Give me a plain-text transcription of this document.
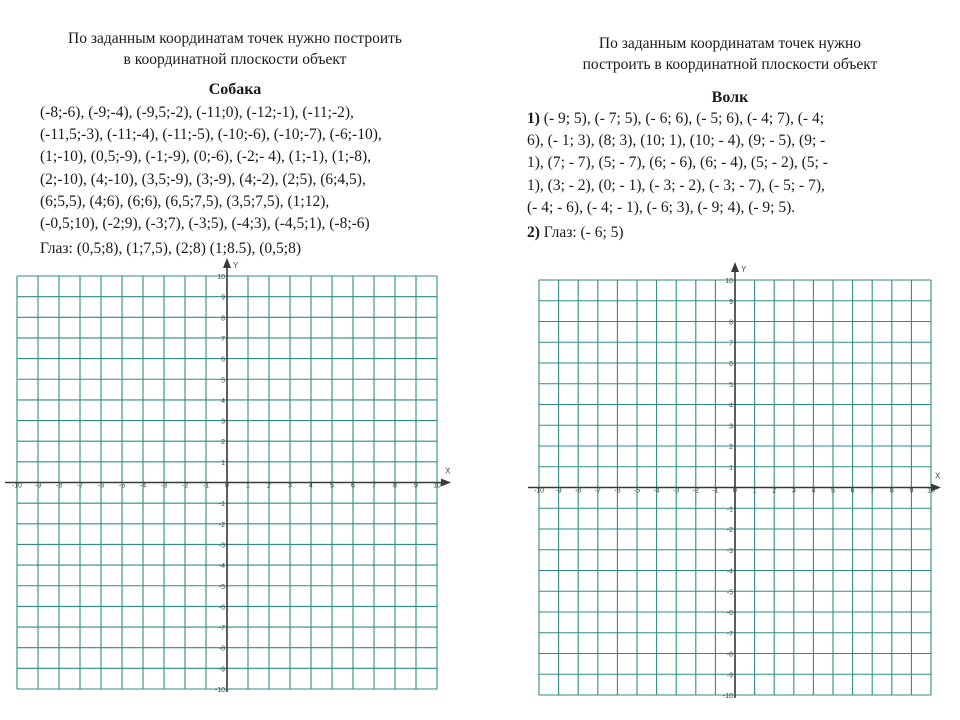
По заданным координатам точек нужно построить
в координатной плоскости объект
Собака
(-8;-6), (-9;-4), (-9,5;-2), (-11;0), (-12;-1), (-11;-2),
(-11,5;-3), (-11;-4), (-11;-5), (-10;-6), (-10;-7), (-6;-10),
(1;-10), (0,5;-9), (-1;-9), (0;-6), (-2;- 4), (1;-1), (1;-8),
(2;-10), (4;-10), (3,5;-9), (3;-9), (4;-2), (2;5), (6;4,5),
(6;5,5), (4;6), (6;6), (6,5;7,5), (3,5;7,5), (1;12),
(-0,5;10), (-2;9), (-3;7), (-3;5), (-4;3), (-4,5;1), (-8;-6)
Глаз: (0,5;8), (1;7,5), (2;8) (1;8.5), (0,5;8)
По заданным координатам точек нужно
построить в координатной плоскости объект
Волк
1) (- 9; 5), (- 7; 5), (- 6; 6), (- 5; 6), (- 4; 7), (- 4;
6), (- 1; 3), (8; 3), (10; 1), (10; - 4), (9; - 5), (9; -
1), (7; - 7), (5; - 7), (6; - 6), (6; - 4), (5; - 2), (5; -
1), (3; - 2), (0; - 1), (- 3; - 2), (- 3; - 7), (- 5; - 7),
(- 4; - 6), (- 4; - 1), (- 6; 3), (- 9; 4), (- 9; 5).
2) Глаз: (- 6; 5)
X
Y
-10 -9 -8 -7 -6 -5 -4 -3 -2 -1 0 1 2 3 4 5 6 7 8 9 10
10
9
8
7
6
5
4
3
2
1
-1
-2
-3
-4
-5
-6
-7
-8
-9
-10
X
Y
-10 -9 -8 -7 -6 -5 -4 -3 -2 -1 0 1 2 3 4 5 6 7 8 9 10
10
9
8
7
6
5
4
3
2
1
-1
-2
-3
-4
-5
-6
-7
-8
-9
-10
